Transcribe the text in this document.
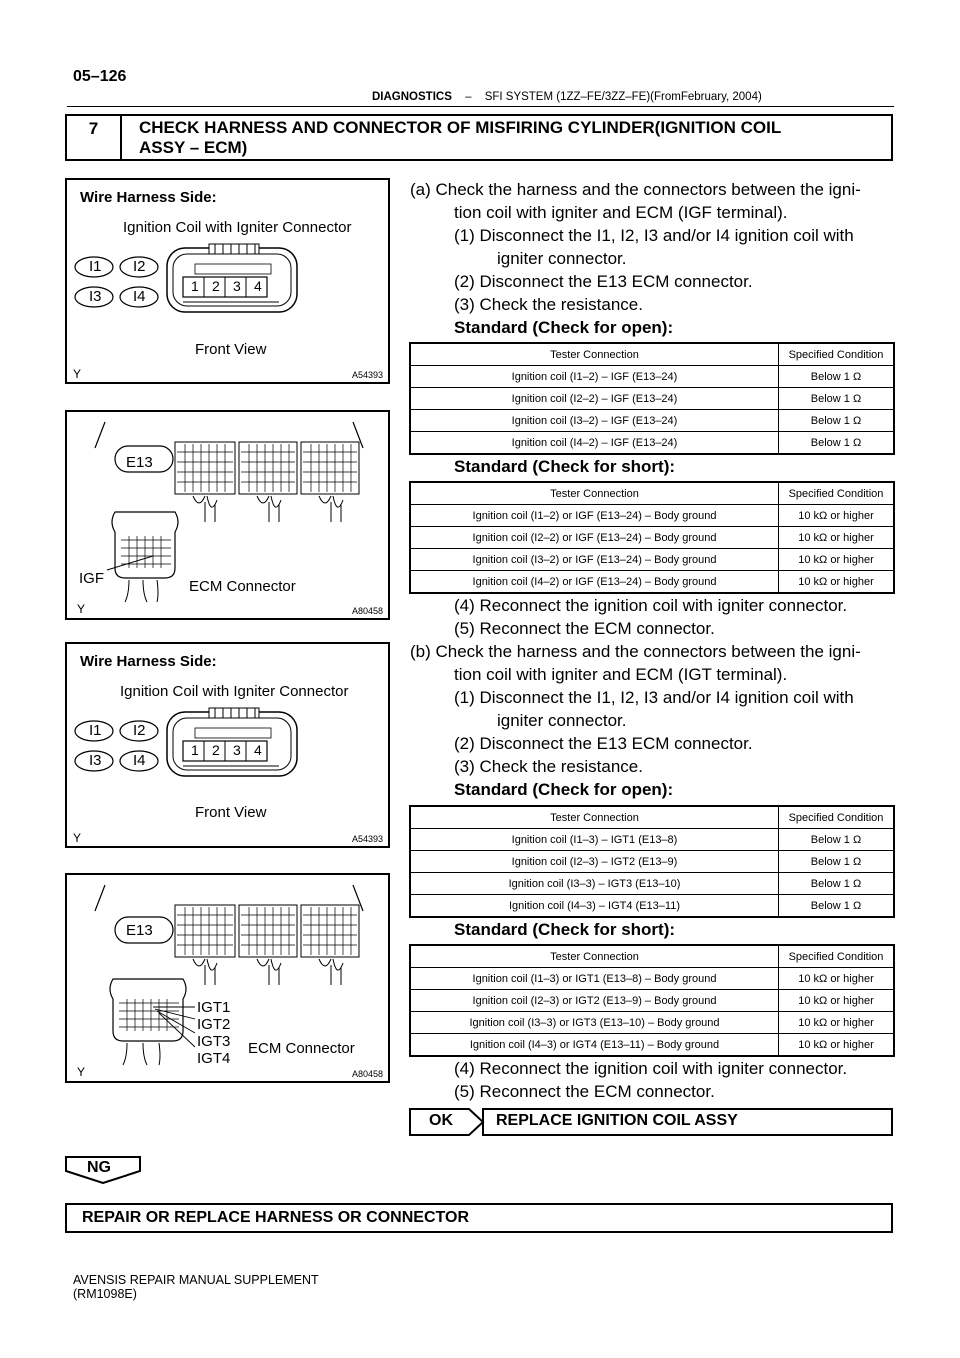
05–126
DIAGNOSTICS – SFI SYSTEM (1ZZ–FE/3ZZ–FE)(FromFebruary, 2004)
7	CHECK HARNESS AND CONNECTOR OF MISFIRING CYLINDER(IGNITION COIL
ASSY – ECM)
Wire Harness Side:
Ignition Coil with Igniter Connector
I1 I2
I3 I4
1 2 3 4
Front View
Y	A54393
E13
IGF	ECM Connector
Y	A80458
Wire Harness Side:
Ignition Coil with Igniter Connector
I1 I2
I3 I4
1 2 3 4
Front View
Y	A54393
E13
IGT1
IGT2
IGT3
IGT4
ECM Connector
Y	A80458
(a) Check the harness and the connectors between the igni-
tion coil with igniter and ECM (IGF terminal).
(1) Disconnect the I1, I2, I3 and/or I4 ignition coil with
igniter connector.
(2) Disconnect the E13 ECM connector.
(3) Check the resistance.
Standard (Check for open):
Tester Connection	Specified Condition
Ignition coil (I1–2) – IGF (E13–24)	Below 1 Ω
Ignition coil (I2–2) – IGF (E13–24)	Below 1 Ω
Ignition coil (I3–2) – IGF (E13–24)	Below 1 Ω
Ignition coil (I4–2) – IGF (E13–24)	Below 1 Ω
Standard (Check for short):
Tester Connection	Specified Condition
Ignition coil (I1–2) or IGF (E13–24) – Body ground	10 kΩ or higher
Ignition coil (I2–2) or IGF (E13–24) – Body ground	10 kΩ or higher
Ignition coil (I3–2) or IGF (E13–24) – Body ground	10 kΩ or higher
Ignition coil (I4–2) or IGF (E13–24) – Body ground	10 kΩ or higher
(4) Reconnect the ignition coil with igniter connector.
(5) Reconnect the ECM connector.
(b) Check the harness and the connectors between the igni-
tion coil with igniter and ECM (IGT terminal).
(1) Disconnect the I1, I2, I3 and/or I4 ignition coil with
igniter connector.
(2) Disconnect the E13 ECM connector.
(3) Check the resistance.
Standard (Check for open):
Tester Connection	Specified Condition
Ignition coil (I1–3) – IGT1 (E13–8)	Below 1 Ω
Ignition coil (I2–3) – IGT2 (E13–9)	Below 1 Ω
Ignition coil (I3–3) – IGT3 (E13–10)	Below 1 Ω
Ignition coil (I4–3) – IGT4 (E13–11)	Below 1 Ω
Standard (Check for short):
Tester Connection	Specified Condition
Ignition coil (I1–3) or IGT1 (E13–8) – Body ground	10 kΩ or higher
Ignition coil (I2–3) or IGT2 (E13–9) – Body ground	10 kΩ or higher
Ignition coil (I3–3) or IGT3 (E13–10) – Body ground	10 kΩ or higher
Ignition coil (I4–3) or IGT4 (E13–11) – Body ground	10 kΩ or higher
(4) Reconnect the ignition coil with igniter connector.
(5) Reconnect the ECM connector.
OK	REPLACE IGNITION COIL ASSY
NG
REPAIR OR REPLACE HARNESS OR CONNECTOR
AVENSIS REPAIR MANUAL SUPPLEMENT
(RM1098E)
